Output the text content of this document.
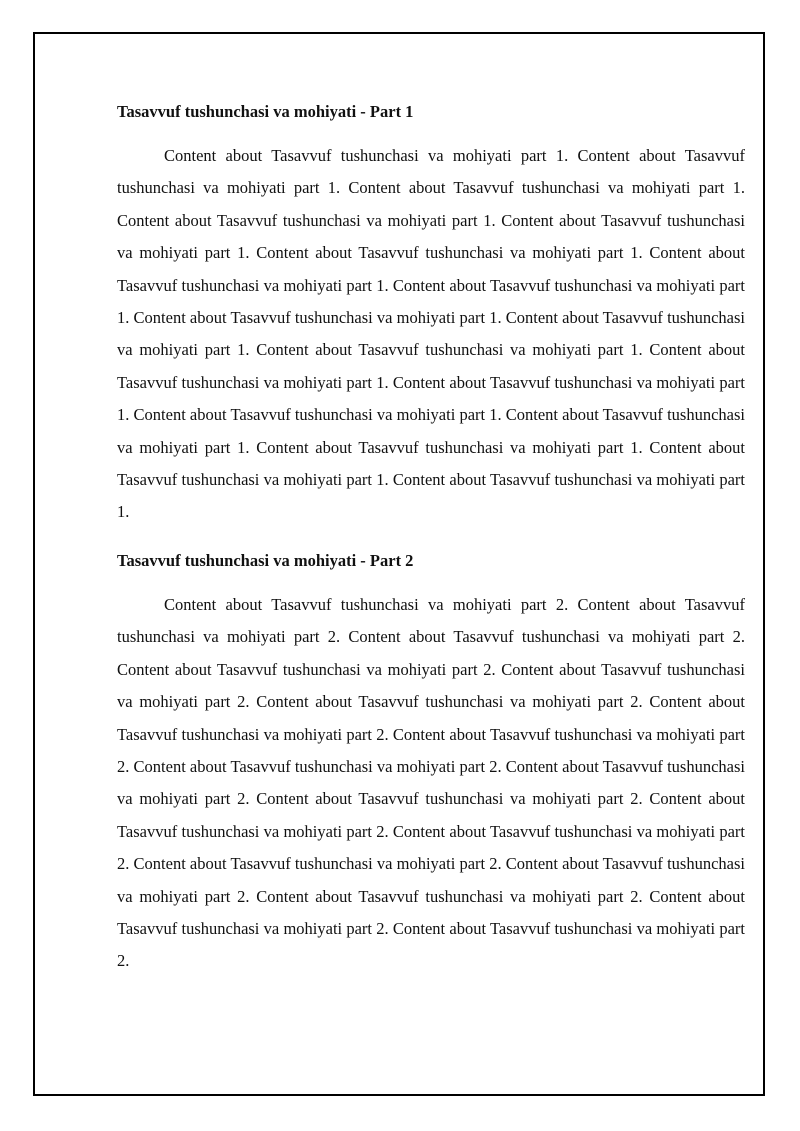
Tasavvuf tushunchasi va mohiyati - Part 1

Content about Tasavvuf tushunchasi va mohiyati part 1. Content about Tasavvuf tushunchasi va mohiyati part 1. Content about Tasavvuf tushunchasi va mohiyati part 1. Content about Tasavvuf tushunchasi va mohiyati part 1. Content about Tasavvuf tushunchasi va mohiyati part 1. Content about Tasavvuf tushunchasi va mohiyati part 1. Content about Tasavvuf tushunchasi va mohiyati part 1. Content about Tasavvuf tushunchasi va mohiyati part 1. Content about Tasavvuf tushunchasi va mohiyati part 1. Content about Tasavvuf tushunchasi va mohiyati part 1. Content about Tasavvuf tushunchasi va mohiyati part 1. Content about Tasavvuf tushunchasi va mohiyati part 1. Content about Tasavvuf tushunchasi va mohiyati part 1. Content about Tasavvuf tushunchasi va mohiyati part 1. Content about Tasavvuf tushunchasi va mohiyati part 1. Content about Tasavvuf tushunchasi va mohiyati part 1. Content about Tasavvuf tushunchasi va mohiyati part 1. Content about Tasavvuf tushunchasi va mohiyati part 1.

Tasavvuf tushunchasi va mohiyati - Part 2

Content about Tasavvuf tushunchasi va mohiyati part 2. Content about Tasavvuf tushunchasi va mohiyati part 2. Content about Tasavvuf tushunchasi va mohiyati part 2. Content about Tasavvuf tushunchasi va mohiyati part 2. Content about Tasavvuf tushunchasi va mohiyati part 2. Content about Tasavvuf tushunchasi va mohiyati part 2. Content about Tasavvuf tushunchasi va mohiyati part 2. Content about Tasavvuf tushunchasi va mohiyati part 2. Content about Tasavvuf tushunchasi va mohiyati part 2. Content about Tasavvuf tushunchasi va mohiyati part 2. Content about Tasavvuf tushunchasi va mohiyati part 2. Content about Tasavvuf tushunchasi va mohiyati part 2. Content about Tasavvuf tushunchasi va mohiyati part 2. Content about Tasavvuf tushunchasi va mohiyati part 2. Content about Tasavvuf tushunchasi va mohiyati part 2. Content about Tasavvuf tushunchasi va mohiyati part 2. Content about Tasavvuf tushunchasi va mohiyati part 2. Content about Tasavvuf tushunchasi va mohiyati part 2.
